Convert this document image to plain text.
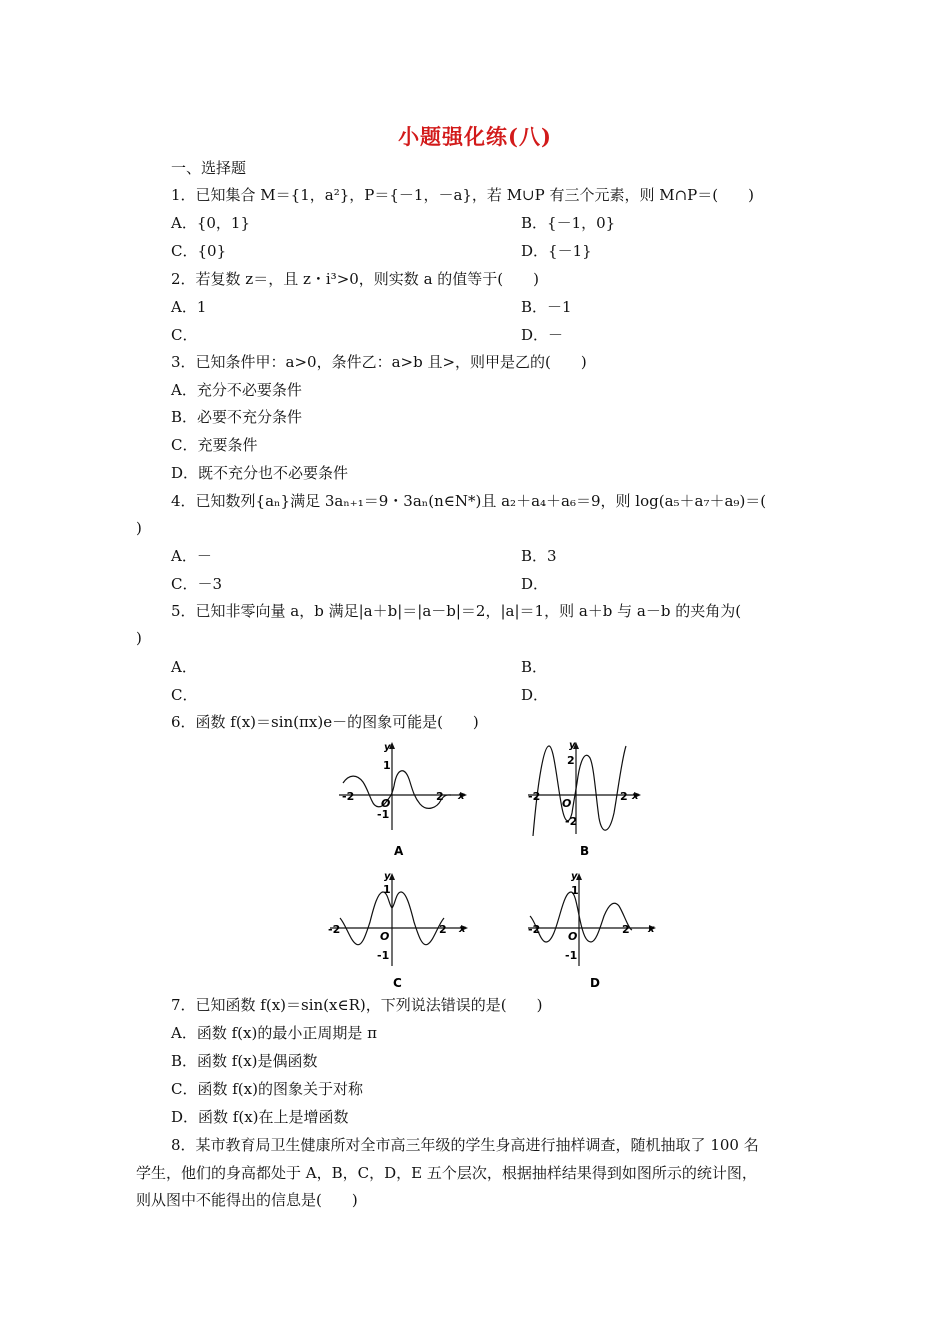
小题强化练(八)
一、选择题
1．已知集合 M＝{1，a²}，P＝{－1，－a}，若 M∪P 有三个元素，则 M∩P＝(　　)
A．{0，1}	B．{－1，0}
C．{0}	D．{－1}
2．若复数 z＝，且 z・i³>0，则实数 a 的值等于(　　)
A．1	B．－1
C．	D．－
3．已知条件甲：a>0，条件乙：a>b 且>，则甲是乙的(　　)
A．充分不必要条件
B．必要不充分条件
C．充要条件
D．既不充分也不必要条件
4．已知数列{aₙ}满足 3aₙ₊₁＝9・3aₙ(n∈N*)且 a₂＋a₄＋a₆＝9，则 log(a₅＋a₇＋a₉)＝(
)
A．－	B．3
C．－3	D．
5．已知非零向量 a，b 满足|a＋b|＝|a－b|＝2，|a|＝1，则 a＋b 与 a－b 的夹角为(
)
A．	B．
C．	D．
6．函数 f(x)＝sin(πx)e－的图象可能是(　　)
y
x
O
1
-1
-2	2
A
y
x
O
2
-2
-2	2
B
y
x
O
1
-1
-2	2
C
y
x
O
1
-1
-2	2
D
7．已知函数 f(x)＝sin(x∈R)，下列说法错误的是(　　)
A．函数 f(x)的最小正周期是 π
B．函数 f(x)是偶函数
C．函数 f(x)的图象关于对称
D．函数 f(x)在上是增函数
8．某市教育局卫生健康所对全市高三年级的学生身高进行抽样调查，随机抽取了 100 名
学生，他们的身高都处于 A，B，C，D，E 五个层次，根据抽样结果得到如图所示的统计图，
则从图中不能得出的信息是(　　)
